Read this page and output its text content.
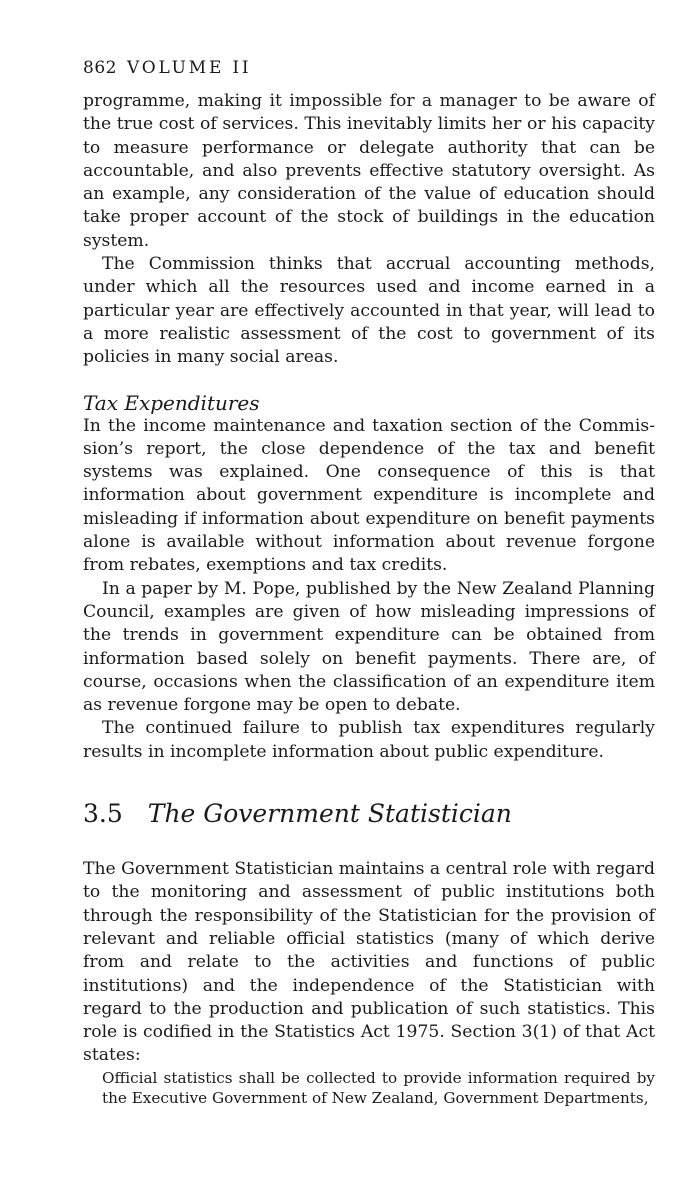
862 VOLUME II

programme, making it impossible for a manager to be aware of the true cost of services. This inevitably limits her or his capacity to measure performance or delegate authority that can be accountable, and also prevents effective statutory oversight. As an example, any consideration of the value of education should take proper account of the stock of buildings in the education system.

The Commission thinks that accrual accounting methods, under which all the resources used and income earned in a particular year are effectively accounted in that year, will lead to a more realistic assessment of the cost to government of its policies in many social areas.

Tax Expenditures

In the income maintenance and taxation section of the Commission’s report, the close dependence of the tax and benefit systems was explained. One consequence of this is that information about government expenditure is incomplete and misleading if information about expenditure on benefit payments alone is available without information about revenue forgone from rebates, exemptions and tax credits.

In a paper by M. Pope, published by the New Zealand Planning Council, examples are given of how misleading impressions of the trends in government expenditure can be obtained from information based solely on benefit payments. There are, of course, occasions when the classification of an expenditure item as revenue forgone may be open to debate.

The continued failure to publish tax expenditures regularly results in incomplete information about public expenditure.

3.5 The Government Statistician

The Government Statistician maintains a central role with regard to the monitoring and assessment of public institutions both through the responsibility of the Statistician for the provision of relevant and reliable official statistics (many of which derive from and relate to the activities and functions of public institutions) and the independence of the Statistician with regard to the production and publication of such statistics. This role is codified in the Statistics Act 1975. Section 3(1) of that Act states:

Official statistics shall be collected to provide information required by the Executive Government of New Zealand, Government Departments,
